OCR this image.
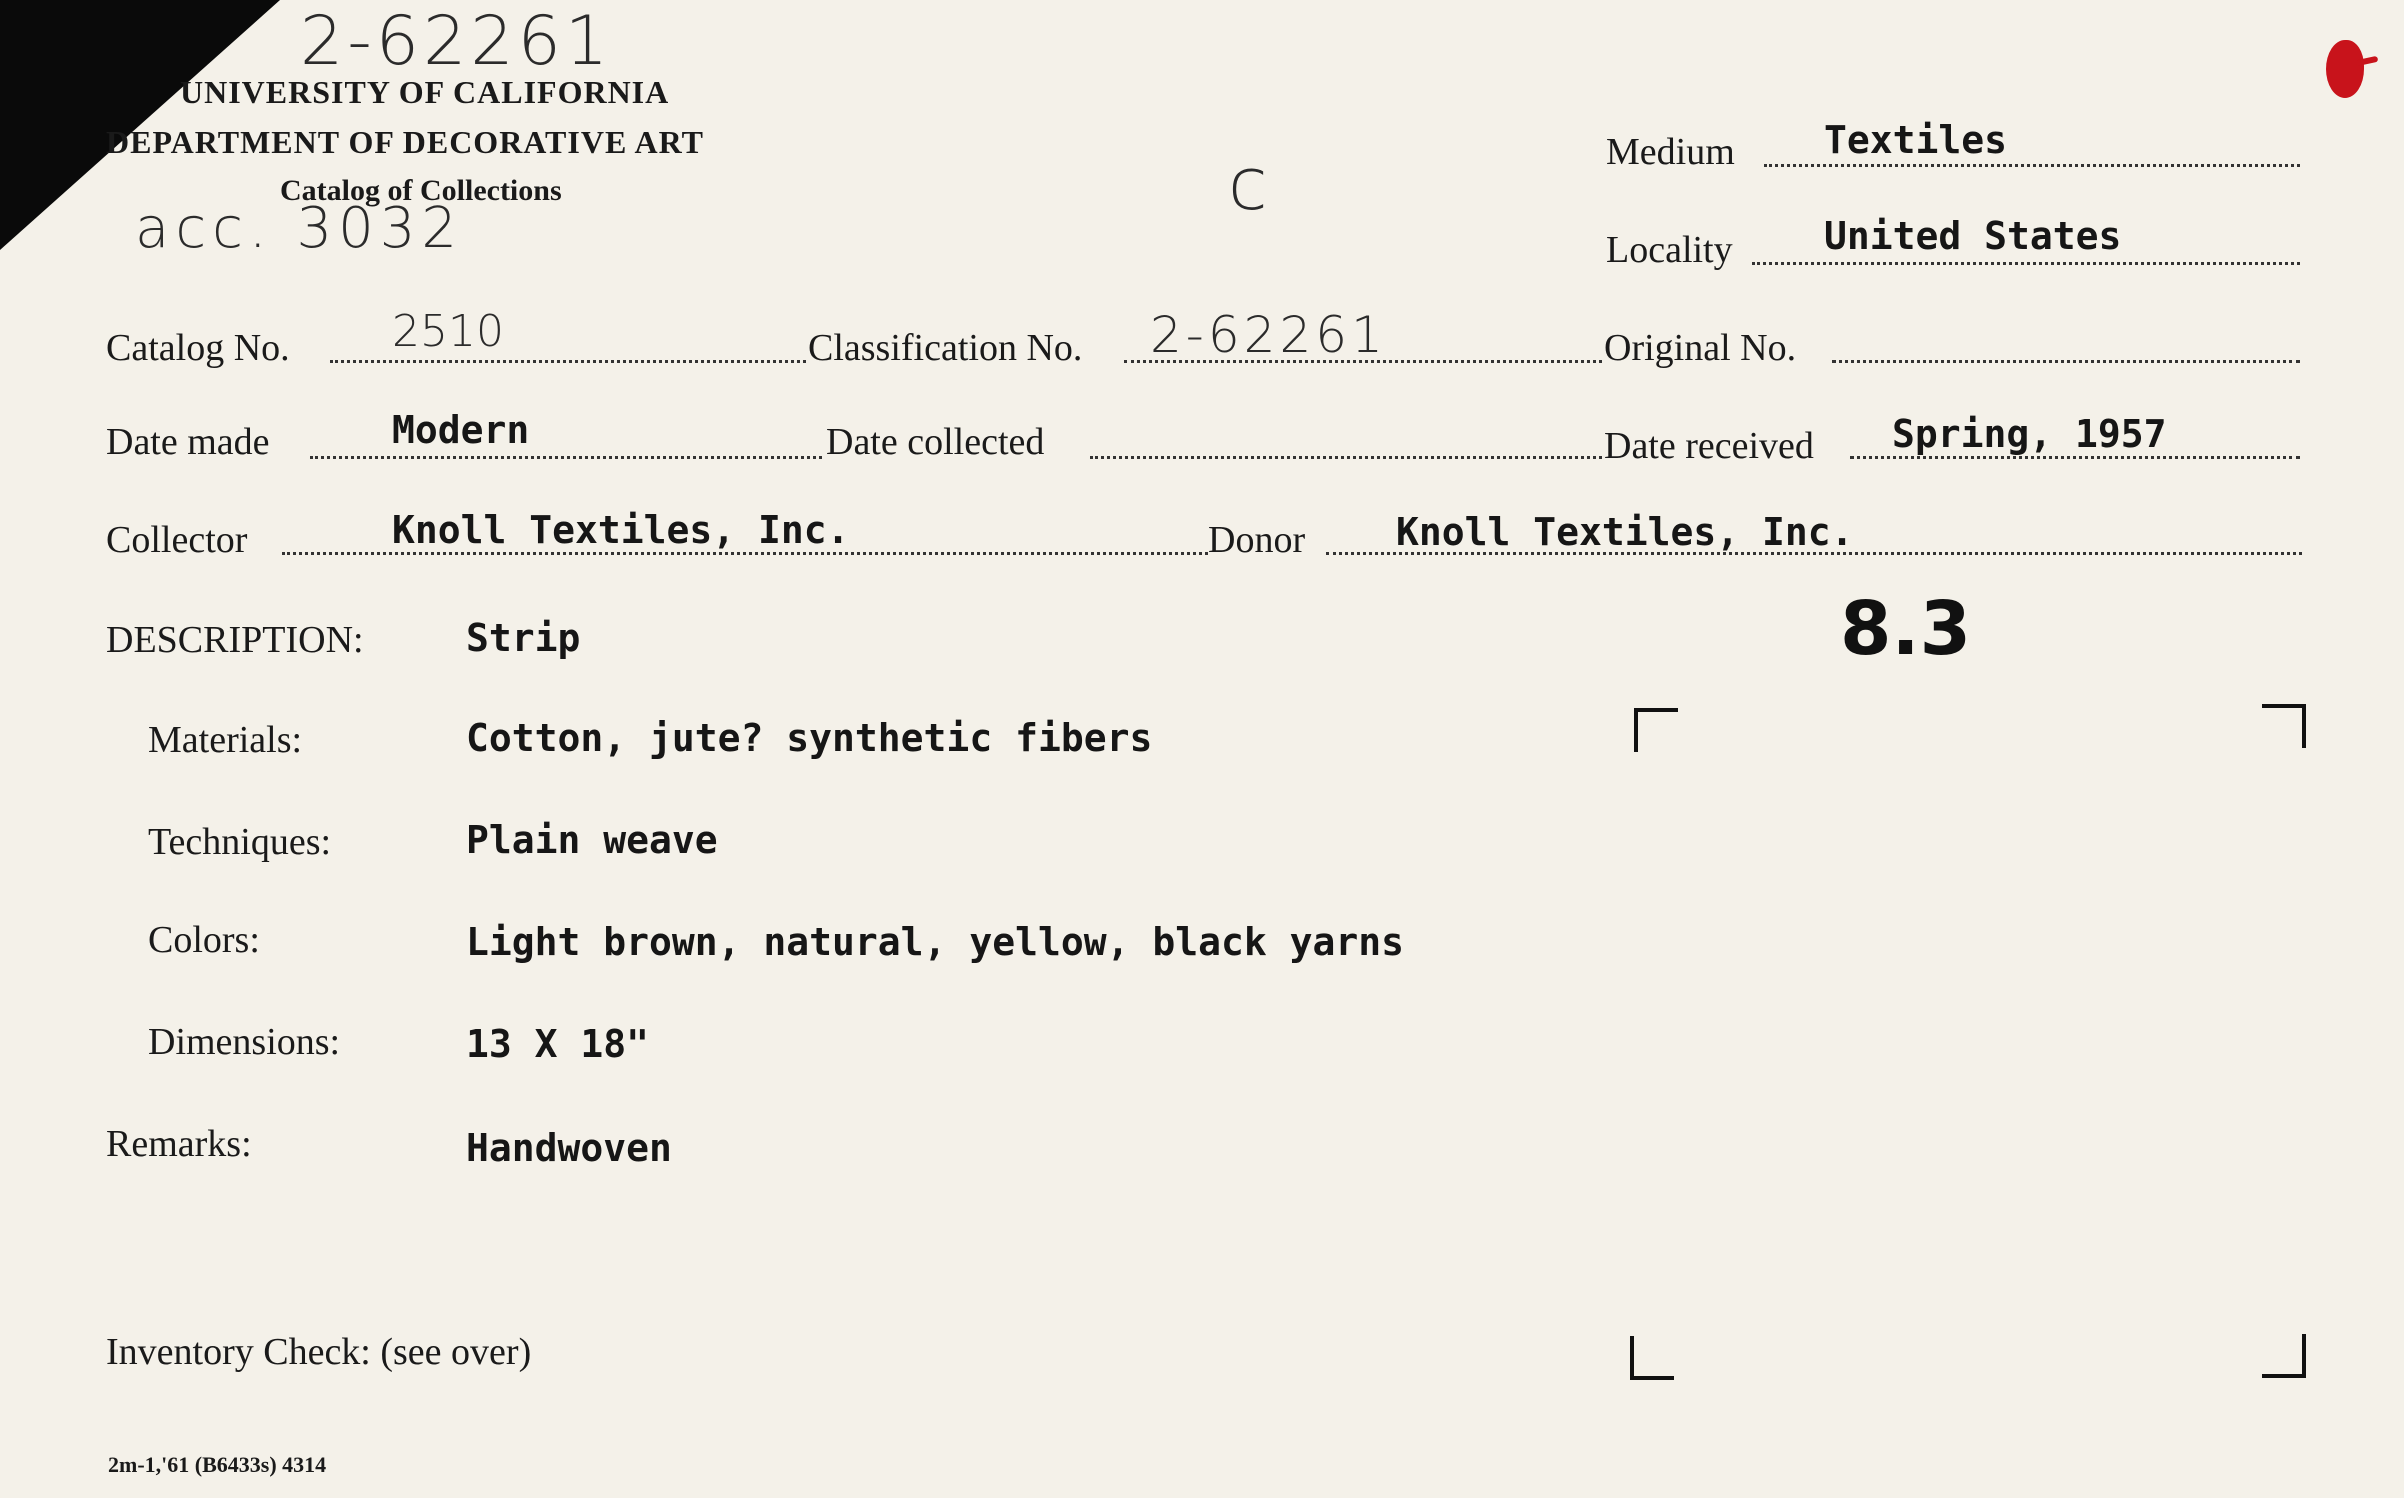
2-62261
acc. 3032
c
UNIVERSITY OF CALIFORNIA
DEPARTMENT OF DECORATIVE ART
Catalog of Collections
Medium Textiles
Locality United States
Catalog No. 2510	Classification No. 2-62261	Original No.
Date made	Modern	Date collected	Date received Spring, 1957
Collector	Knoll Textiles, Inc.	Donor Knoll Textiles, Inc.
8.3
DESCRIPTION:	Strip
Materials:	Cotton, jute? synthetic fibers
Techniques:	Plain weave
Colors:	Light brown, natural, yellow, black yarns
Dimensions:	13 X 18"
Remarks:	Handwoven
Inventory Check: (see over)
2m-1,'61 (B6433s) 4314
